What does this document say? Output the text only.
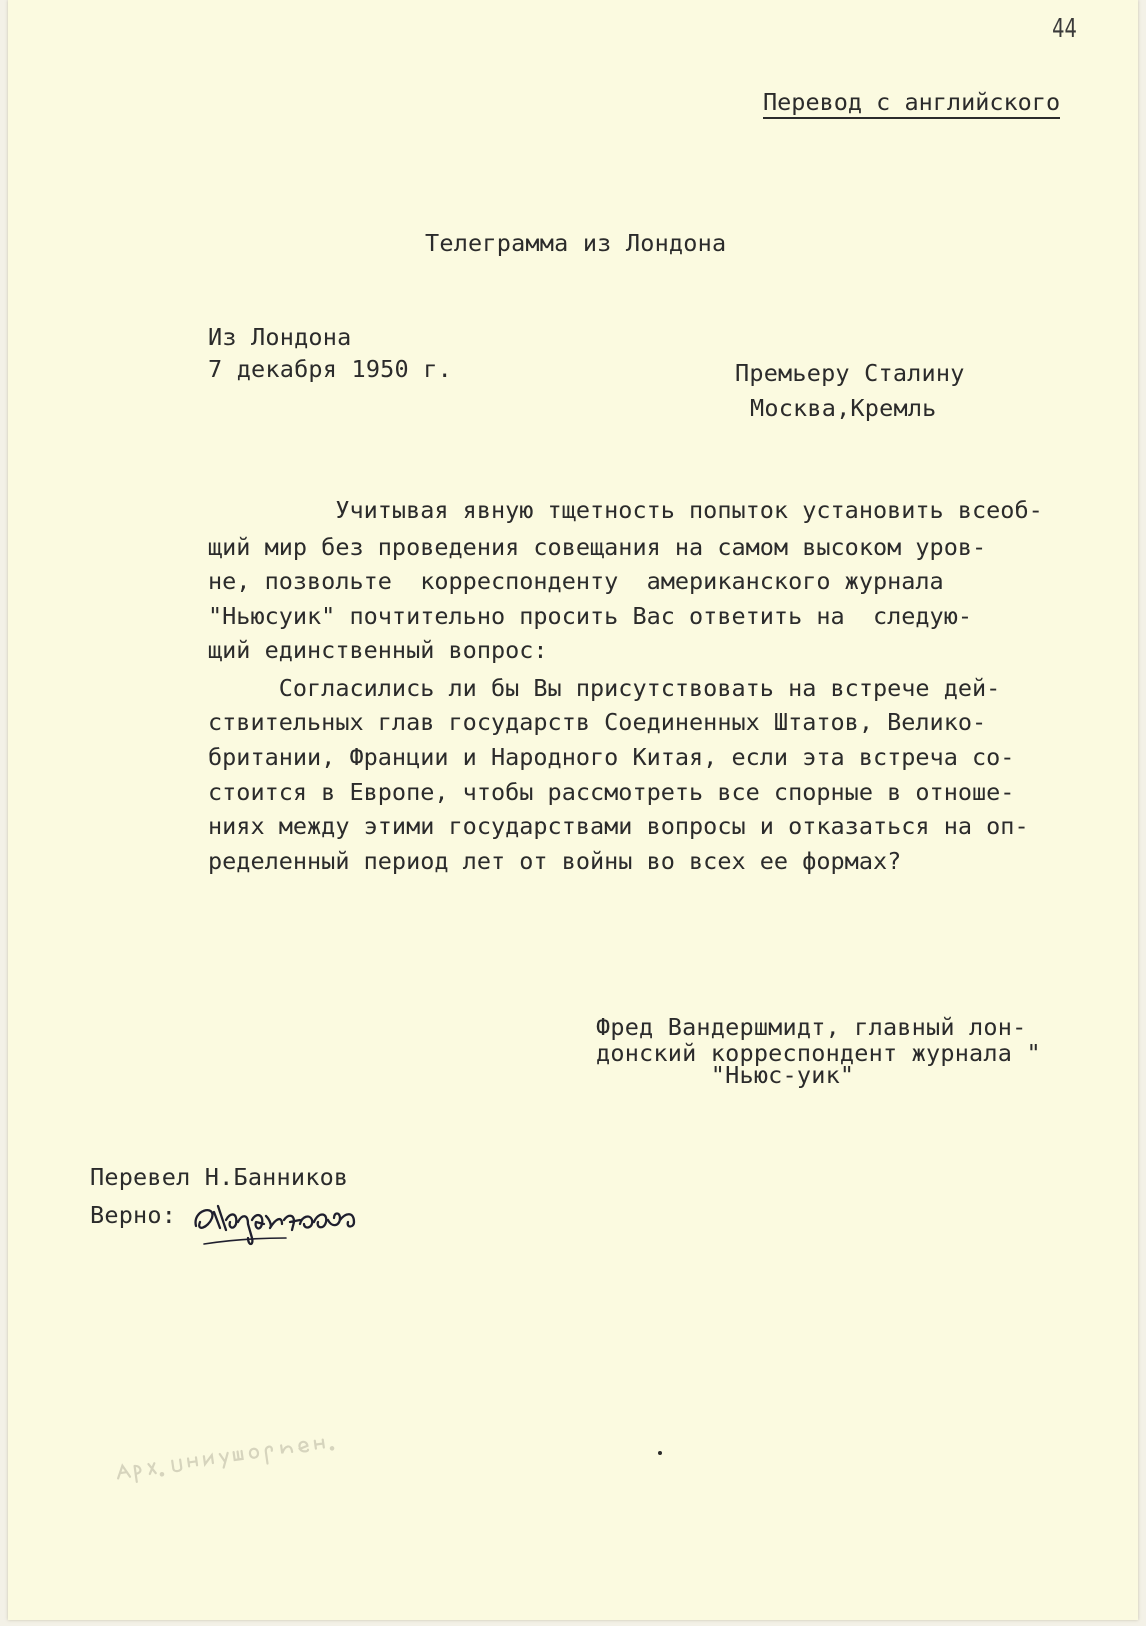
44
Перевод с английского
Телеграмма из Лондона
Из Лондона
7 декабря 1950 г.	Премьеру Сталину
Москва,Кремль
Учитывая явную тщетность попыток установить всеоб-
щий мир без проведения совещания на самом высоком уров-
не, позвольте  корреспонденту  американского журнала
"Ньюсуик" почтительно просить Вас ответить на  следую-
щий единственный вопрос:
Согласились ли бы Вы присутствовать на встрече дей-
ствительных глав государств Соединенных Штатов, Велико-
британии, Франции и Народного Китая, если эта встреча со-
стоится в Европе, чтобы рассмотреть все спорные в отноше-
ниях между этими государствами вопросы и отказаться на оп-
ределенный период лет от войны во всех ее формах?
Фред Вандершмидт, главный лон-
донский корреспондент журнала "
"Ньюс-уик"
Перевел Н.Банников
Верно:
